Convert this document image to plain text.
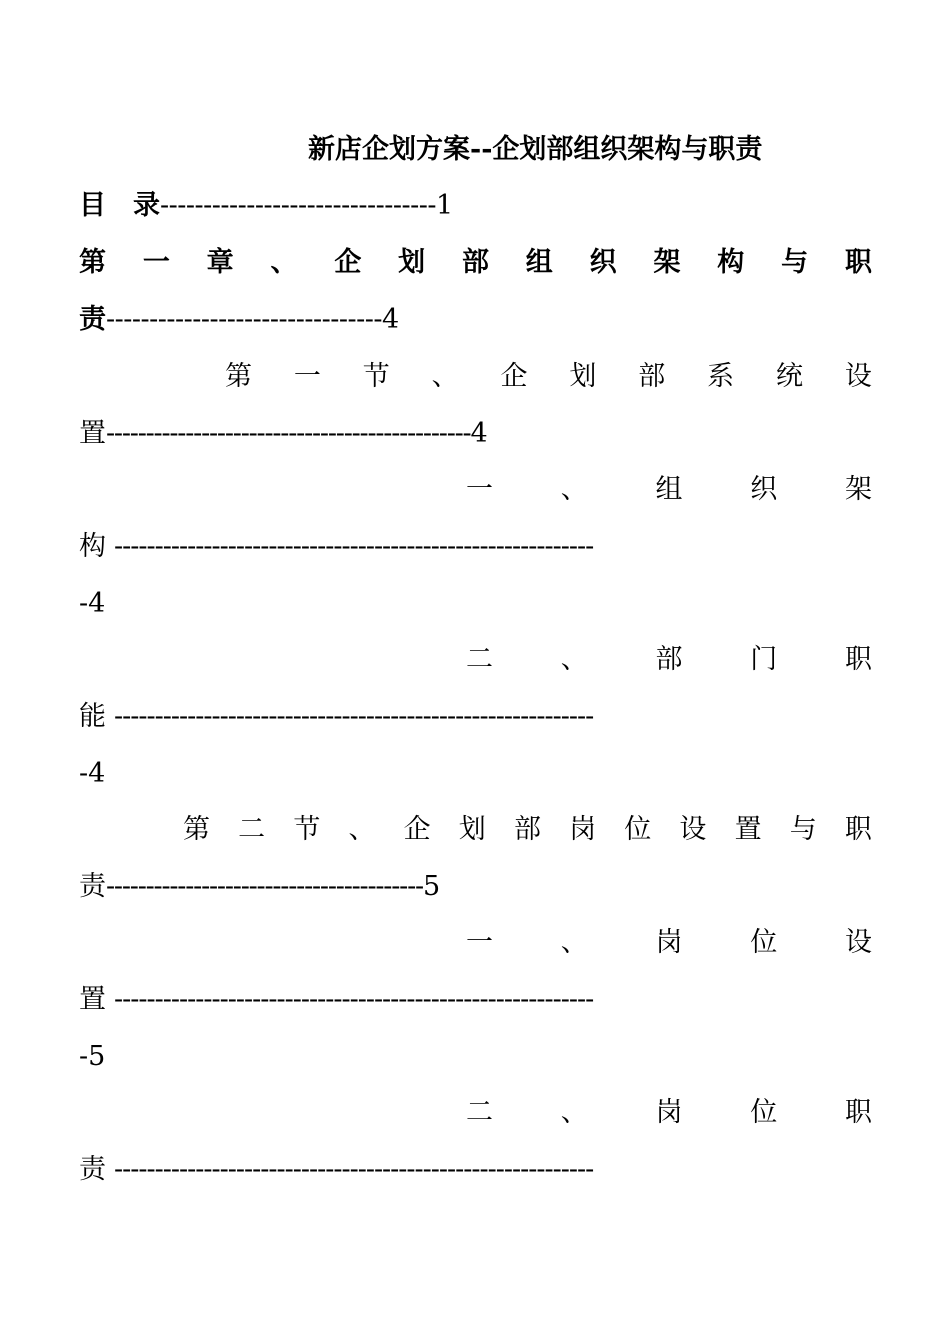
新店企划方案--企划部组织架构与职责
目 录--------------------------------1
第 一 章 、 企 划 部 组 织 架 构 与 职
责--------------------------------4
第 一 节 、 企 划 部 系 统 设
置----------------------------------------------4
一	、	组	织	架
构 -----------------------------------------------------------
-4
二	、	部	门	职
能 -----------------------------------------------------------
-4
第 二 节 、 企 划 部 岗 位 设 置 与 职
责----------------------------------------5
一	、	岗	位	设
置 -----------------------------------------------------------
-5
二	、	岗	位	职
责 -----------------------------------------------------------
